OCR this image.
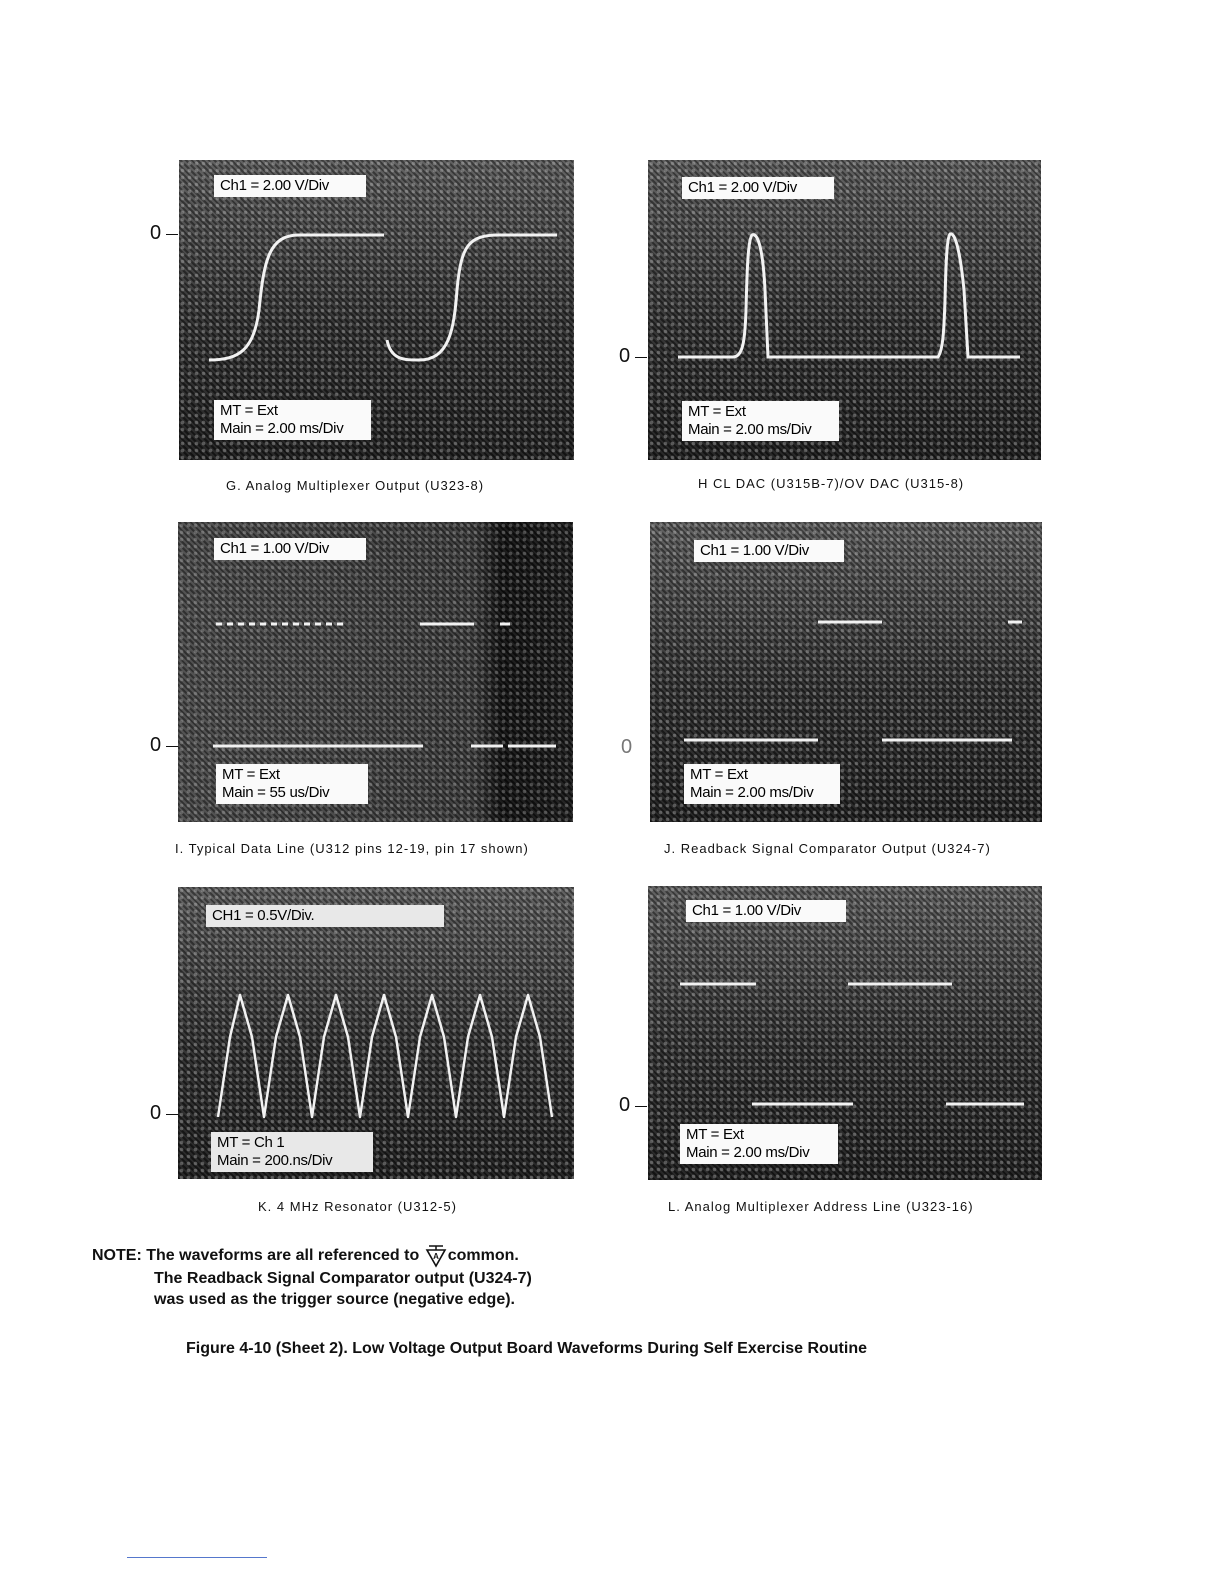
Ch1 = 2.00 V/Div
MT = Ext
Main = 2.00 ms/Div
0
G. Analog Multiplexer Output (U323-8)
Ch1 = 2.00 V/Div
MT = Ext
Main = 2.00 ms/Div
0
H CL DAC (U315B-7)/OV DAC (U315-8)
Ch1 = 1.00 V/Div
MT = Ext
Main = 55 us/Div
0
I. Typical Data Line (U312 pins 12-19, pin 17 shown)
Ch1 = 1.00 V/Div
MT = Ext
Main = 2.00 ms/Div
0
J. Readback Signal Comparator Output (U324-7)
CH1 = 0.5V/Div.
MT = Ch 1
Main = 200.ns/Div
0
K. 4 MHz Resonator (U312-5)
Ch1 = 1.00 V/Div
MT = Ext
Main = 2.00 ms/Div
0
L. Analog Multiplexer Address Line (U323-16)
NOTE: The waveforms are all referenced to A common.
The Readback Signal Comparator output (U324-7)
was used as the trigger source (negative edge).
Figure 4-10 (Sheet 2). Low Voltage Output Board Waveforms During Self Exercise Routine
